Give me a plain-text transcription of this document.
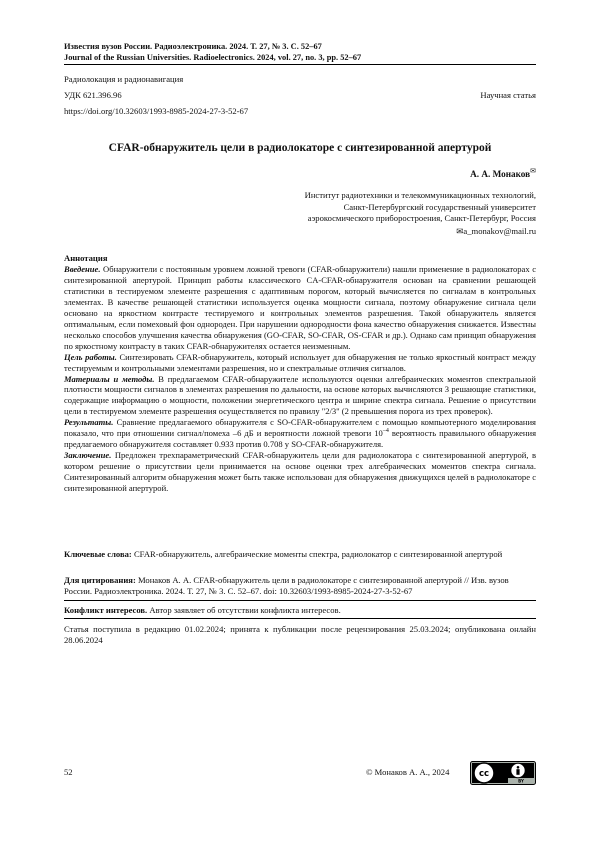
Известия вузов России. Радиоэлектроника. 2024. Т. 27, № 3. С. 52–67
Journal of the Russian Universities. Radioelectronics. 2024, vol. 27, no. 3, pp. 52–67
Радиолокация и радионавигация
УДК 621.396.96	Научная статья
https://doi.org/10.32603/1993-8985-2024-27-3-52-67
CFAR-обнаружитель цели в радиолокаторе с синтезированной апертурой
А. А. Монаков✉
Институт радиотехники и телекоммуникационных технологий,
Санкт-Петербургский государственный университет
аэрокосмического приборостроения, Санкт-Петербург, Россия
✉a_monakov@mail.ru
Аннотация

Введение. Обнаружители с постоянным уровнем ложной тревоги (CFAR-обнаружители) нашли применение в радиолокаторах с синтезированной апертурой. Принцип работы классического CA-CFAR-обнаружителя основан на сравнении решающей статистики в тестируемом элементе разрешения с адаптивным порогом, который вычисляется по сигналам в контрольных элементах. В качестве решающей статистики используется оценка мощности сигнала, поэтому обнаружение сигнала цели основано на яркостном контрасте тестируемого и контрольных элементов разрешения. Такой обнаружитель является оптимальным, если помеховый фон однороден. При нарушении однородности фона качество обнаружения снижается. Известны несколько способов улучшения качества обнаружения (GO-CFAR, SO-CFAR, OS-CFAR и др.). Однако сам принцип обнаружения по яркостному контрасту в таких CFAR-обнаружителях остается неизменным.

Цель работы. Синтезировать CFAR-обнаружитель, который использует для обнаружения не только яркостный контраст между тестируемым и контрольными элементами разрешения, но и спектральные отличия сигналов.

Материалы и методы. В предлагаемом CFAR-обнаружителе используются оценки алгебраических моментов спектральной плотности мощности сигналов в элементах разрешения по дальности, на основе которых вычисляются 3 решающие статистики, содержащие информацию о мощности, положении энергетического центра и ширине спектра сигнала. Решение о присутствии цели в тестируемом элементе разрешения осуществляется по правилу "2/3" (2 превышения порога из трех проверок).

Результаты. Сравнение предлагаемого обнаружителя с SO-CFAR-обнаружителем с помощью компьютерного моделирования показало, что при отношении сигнал/помеха –6 дБ и вероятности ложной тревоги $10^{-4}$ вероятность правильного обнаружения предлагаемого обнаружителя составляет 0.933 против 0.708 у SO-CFAR-обнаружителя.

Заключение. Предложен трехпараметрический CFAR-обнаружитель цели для радиолокатора с синтезированной апертурой, в котором решение о присутствии цели принимается на основе оценки трех алгебраических моментов спектра сигнала. Синтезированный алгоритм обнаружения может быть также использован для обнаружения движущихся целей в радиолокаторе с синтезированной апертурой.

Ключевые слова: CFAR-обнаружитель, алгебраические моменты спектра, радиолокатор с синтезированной апертурой
Для цитирования: Монаков А. А. CFAR-обнаружитель цели в радиолокаторе с синтезированной апертурой // Изв. вузов России. Радиоэлектроника. 2024. Т. 27, № 3. С. 52–67. doi: 10.32603/1993-8985-2024-27-3-52-67
Конфликт интересов. Автор заявляет об отсутствии конфликта интересов.
Статья поступила в редакцию 01.02.2024; принята к публикации после рецензирования 25.03.2024; опубликована онлайн 28.06.2024
52	© Монаков А. А., 2024	cc
BY
